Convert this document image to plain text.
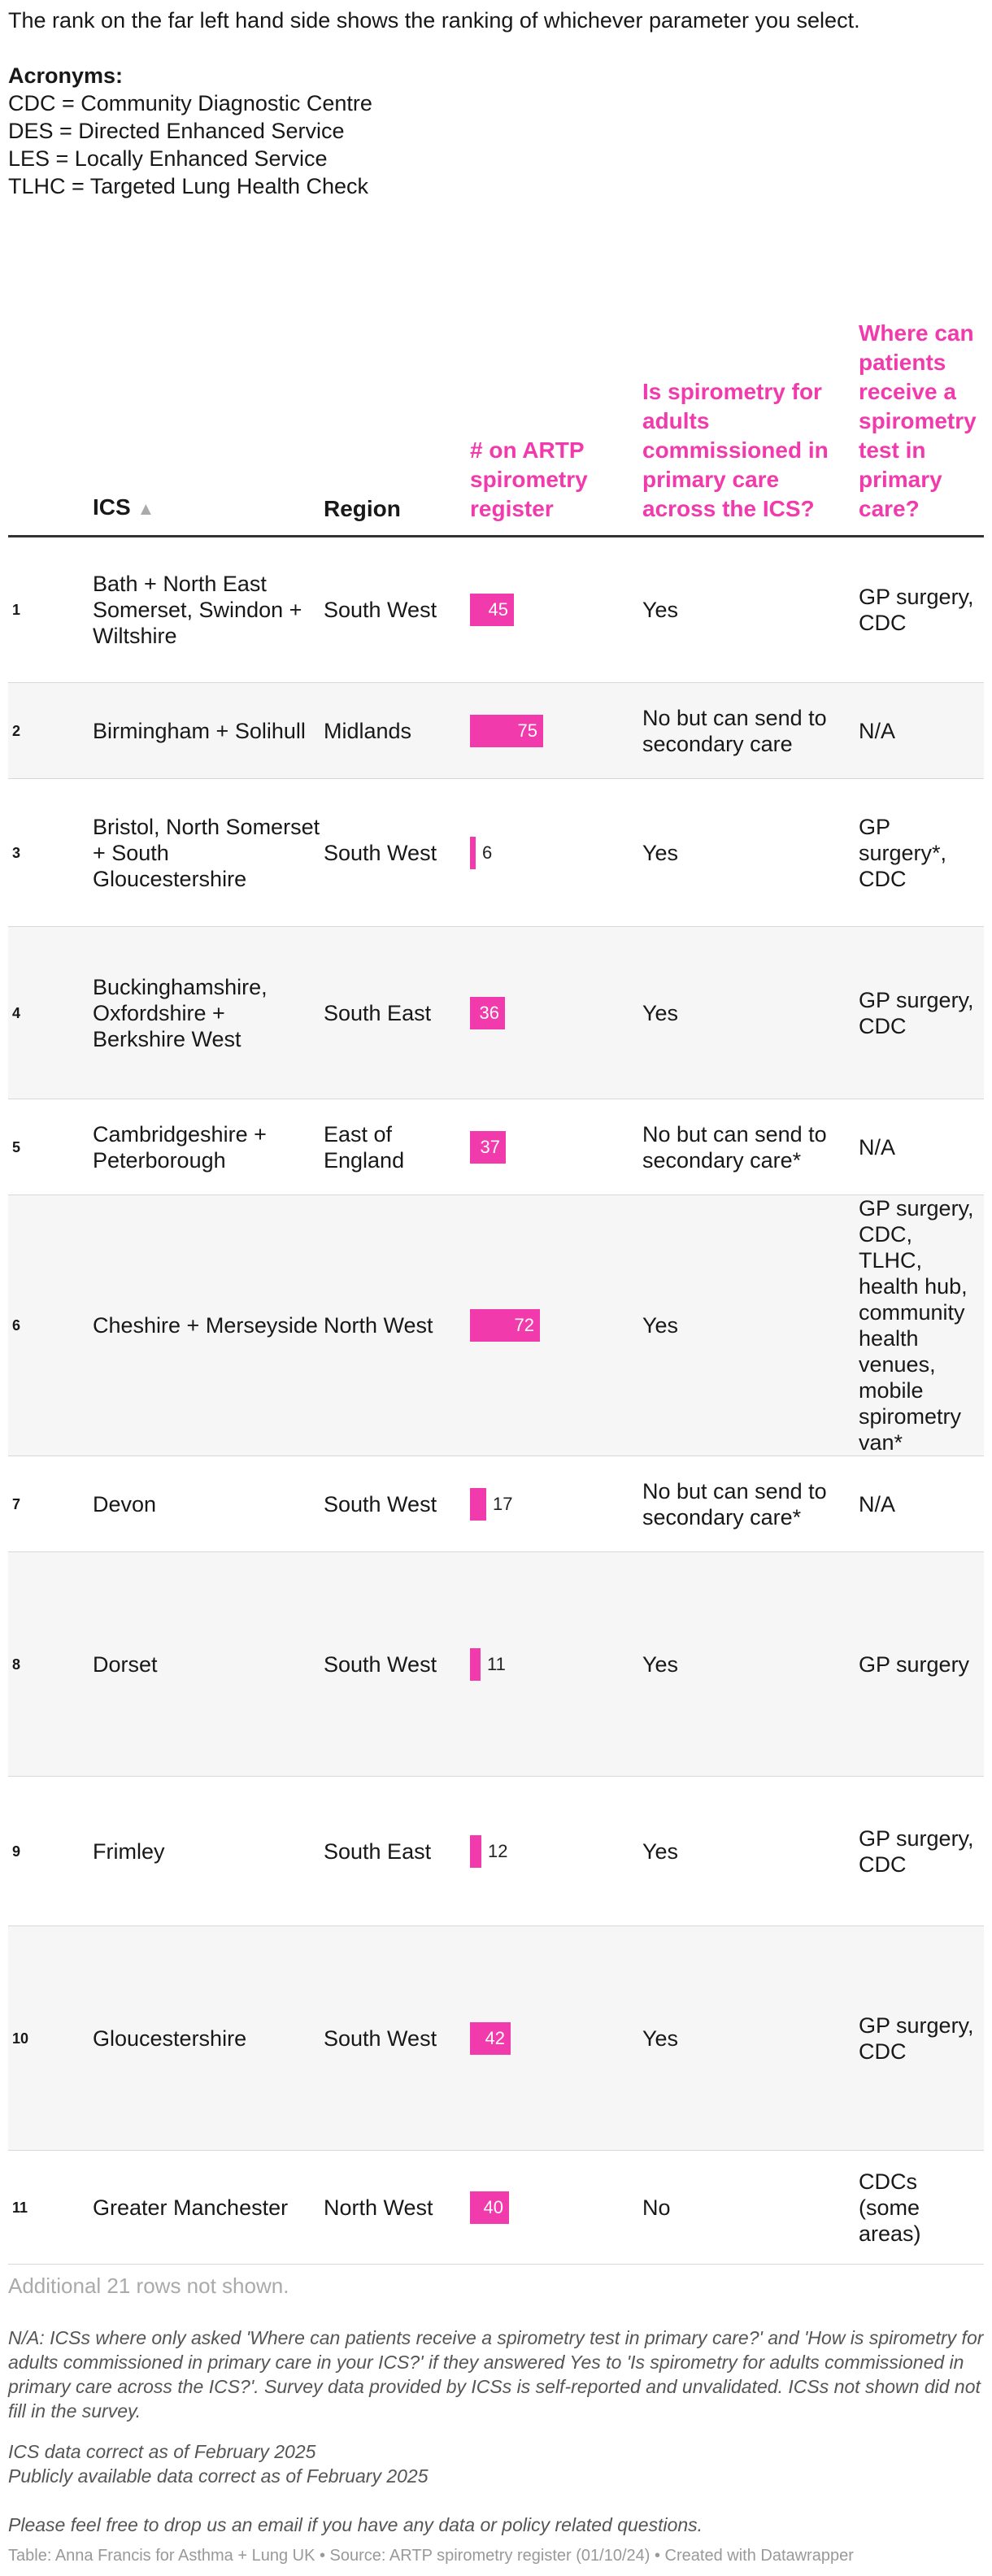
The rank on the far left hand side shows the ranking of whichever parameter you select.

Acronyms:

CDC = Community Diagnostic Centre

DES = Directed Enhanced Service

LES = Locally Enhanced Service

TLHC = Targeted Lung Health Check

	ICS ▲	Region	# on ARTP spirometry register	Is spirometry for adults commissioned in primary care across the ICS?	Where can patients receive a spirometry test in primary care?
1	Bath + North East Somerset, Swindon + Wiltshire	South West	45	Yes	GP surgery, CDC
2	Birmingham + Solihull	Midlands	75	No but can send to secondary care	N/A
3	Bristol, North Somerset + South Gloucestershire	South West	6	Yes	GP surgery*, CDC
4	Buckinghamshire, Oxfordshire + Berkshire West	South East	36	Yes	GP surgery, CDC
5	Cambridgeshire + Peterborough	East of England	37	No but can send to secondary care*	N/A
6	Cheshire + Merseyside	North West	72	Yes	GP surgery, CDC, TLHC, health hub, community health venues, mobile spirometry van*
7	Devon	South West	17	No but can send to secondary care*	N/A
8	Dorset	South West	11	Yes	GP surgery
9	Frimley	South East	12	Yes	GP surgery, CDC
10	Gloucestershire	South West	42	Yes	GP surgery, CDC
11	Greater Manchester	North West	40	No	CDCs (some areas)
Additional 21 rows not shown.
N/A: ICSs where only asked 'Where can patients receive a spirometry test in primary care?' and 'How is spirometry for adults commissioned in primary care in your ICS?' if they answered Yes to 'Is spirometry for adults commissioned in primary care across the ICS?'. Survey data provided by ICSs is self-reported and unvalidated. ICSs not shown did not fill in the survey.
ICS data correct as of February 2025
Publicly available data correct as of February 2025
Please feel free to drop us an email if you have any data or policy related questions.
Table: Anna Francis for Asthma + Lung UK • Source: ARTP spirometry register (01/10/24) • Created with Datawrapper
